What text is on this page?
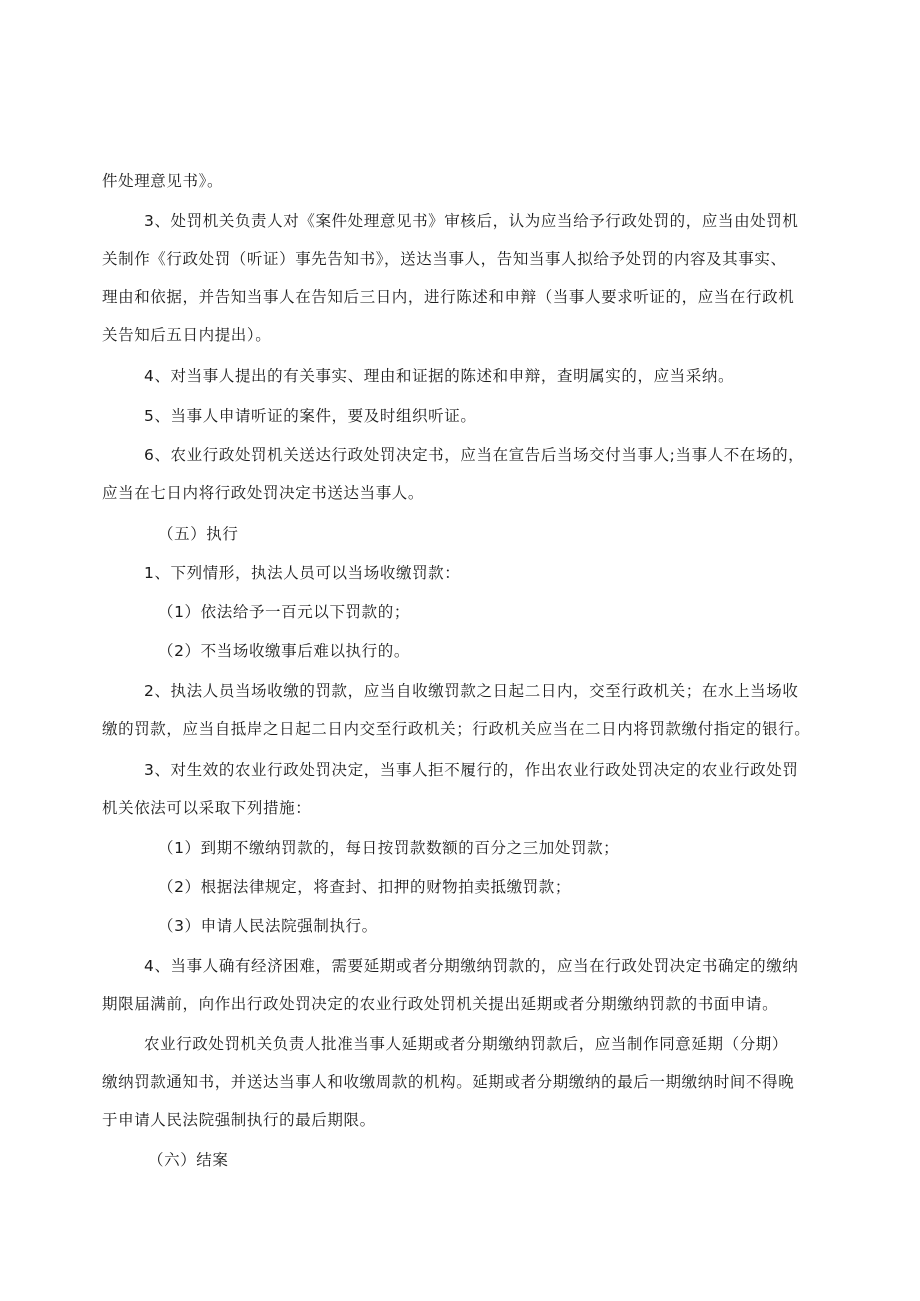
件处理意见书》。
3、处罚机关负责人对《案件处理意见书》审核后，认为应当给予行政处罚的，应当由处罚机
关制作《行政处罚（听证）事先告知书》，送达当事人，告知当事人拟给予处罚的内容及其事实、
理由和依据，并告知当事人在告知后三日内，进行陈述和申辩（当事人要求听证的，应当在行政机
关告知后五日内提出）。
4、对当事人提出的有关事实、理由和证据的陈述和申辩，查明属实的，应当采纳。
5、当事人申请听证的案件，要及时组织听证。
6、农业行政处罚机关送达行政处罚决定书，应当在宣告后当场交付当事人;当事人不在场的，
应当在七日内将行政处罚决定书送达当事人。
（五）执行
1、下列情形，执法人员可以当场收缴罚款：
（1）依法给予一百元以下罚款的；
（2）不当场收缴事后难以执行的。
2、执法人员当场收缴的罚款，应当自收缴罚款之日起二日内，交至行政机关；在水上当场收
缴的罚款，应当自抵岸之日起二日内交至行政机关；行政机关应当在二日内将罚款缴付指定的银行。
3、对生效的农业行政处罚决定，当事人拒不履行的，作出农业行政处罚决定的农业行政处罚
机关依法可以采取下列措施：
（1）到期不缴纳罚款的，每日按罚款数额的百分之三加处罚款；
（2）根据法律规定，将查封、扣押的财物拍卖抵缴罚款；
（3）申请人民法院强制执行。
4、当事人确有经济困难，需要延期或者分期缴纳罚款的，应当在行政处罚决定书确定的缴纳
期限届满前，向作出行政处罚决定的农业行政处罚机关提出延期或者分期缴纳罚款的书面申请。
农业行政处罚机关负责人批准当事人延期或者分期缴纳罚款后，应当制作同意延期（分期）
缴纳罚款通知书，并送达当事人和收缴周款的机构。延期或者分期缴纳的最后一期缴纳时间不得晚
于申请人民法院强制执行的最后期限。
（六）结案
